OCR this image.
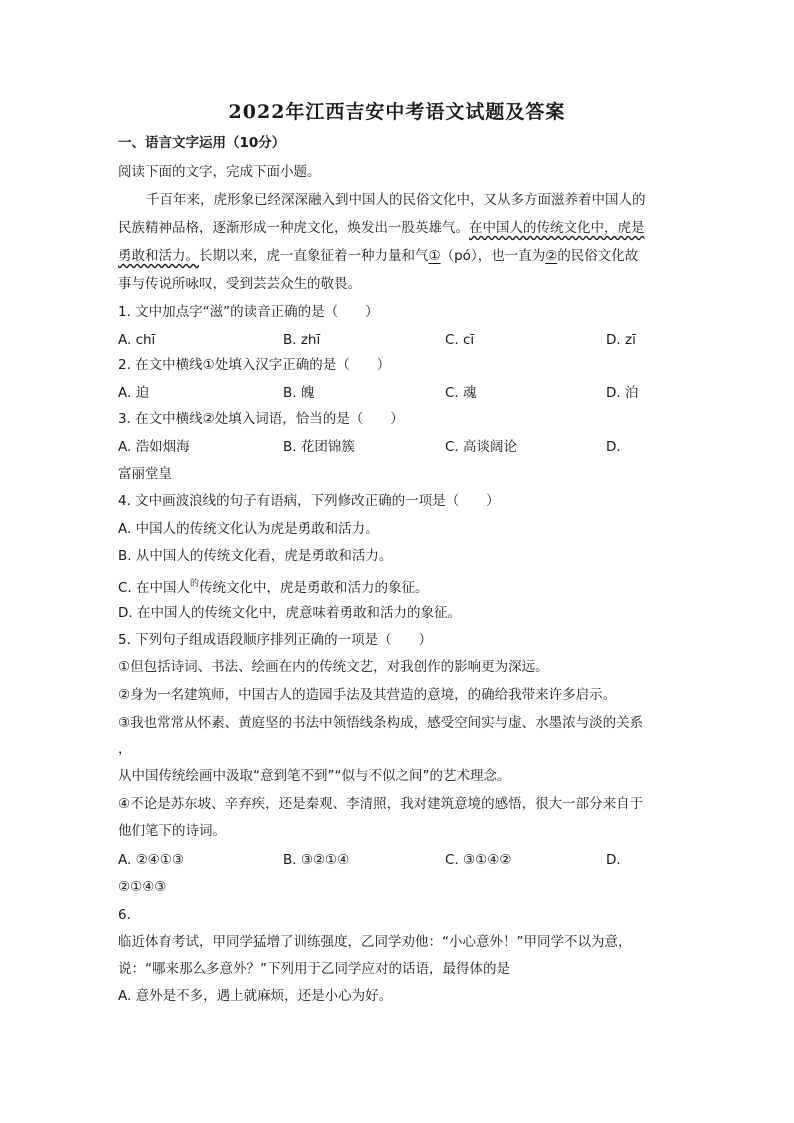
2022年江西吉安中考语文试题及答案
一、语言文字运用（10分）
阅读下面的文字，完成下面小题。
千百年来，虎形象已经深深融入到中国人的民俗文化中，又从多方面滋养着中国人的
民族精神品格，逐渐形成一种虎文化，焕发出一股英雄气。在中国人的传统文化中，虎是
勇敢和活力。长期以来，虎一直象征着一种力量和气①（pó），也一直为②的民俗文化故
事与传说所咏叹，受到芸芸众生的敬畏。
1. 文中加点字“滋”的读音正确的是（　　）
A. chī	B. zhī	C. cī	D. zī
2. 在文中横线①处填入汉字正确的是（　　）
A. 迫	B. 魄	C. 魂	D. 泊
3. 在文中横线②处填入词语，恰当的是（　　）
A. 浩如烟海	B. 花团锦簇	C. 高谈阔论	D.
富丽堂皇
4. 文中画波浪线的句子有语病，下列修改正确的一项是（　　）
A. 中国人的传统文化认为虎是勇敢和活力。
B. 从中国人的传统文化看，虎是勇敢和活力。
C. 在中国人$^的$传统文化中，虎是勇敢和活力的象征。
D. 在中国人的传统文化中，虎意味着勇敢和活力的象征。
5. 下列句子组成语段顺序排列正确的一项是（　　）
①但包括诗词、书法、绘画在内的传统文艺，对我创作的影响更为深远。
②身为一名建筑师，中国古人的造园手法及其营造的意境，的确给我带来许多启示。
③我也常常从怀素、黄庭坚的书法中领悟线条构成，感受空间实与虚、水墨浓与淡的关系
，
从中国传统绘画中汲取“意到笔不到”“似与不似之间”的艺术理念。
④不论是苏东坡、辛弃疾，还是秦观、李清照，我对建筑意境的感悟，很大一部分来自于
他们笔下的诗词。
A. ②④①③	B. ③②①④	C. ③①④②	D.
②①④③
6.
临近体育考试，甲同学猛增了训练强度，乙同学劝他：“小心意外！”甲同学不以为意，
说：“哪来那么多意外？”下列用于乙同学应对的话语，最得体的是
A. 意外是不多，遇上就麻烦，还是小心为好。
